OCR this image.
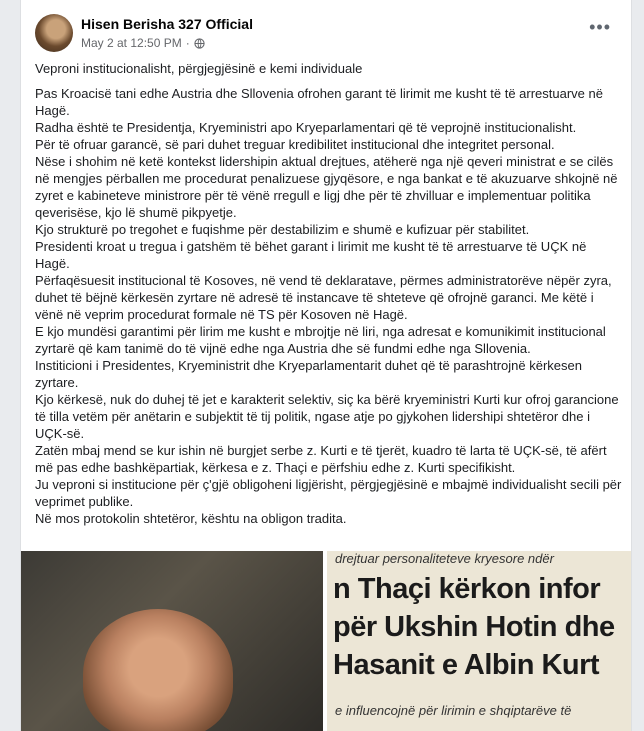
Hisen Berisha 327 Official
May 2 at 12:50 PM ·
•••

Veproni institucionalisht, përgjegjësinë e kemi individuale

Pas Kroacisë tani edhe Austria dhe Sllovenia ofrohen garant të lirimit me kusht të të arrestuarve në Hagë.

Radha është te Presidentja, Kryeministri apo Kryeparlamentari që të veprojnë institucionalisht.

Për të ofruar garancë, së pari duhet treguar kredibilitet institucional dhe integritet personal.

Nëse i shohim në ketë kontekst lidershipin aktual drejtues, atëherë nga një qeveri ministrat e se cilës në mengjes përballen me procedurat penalizuese gjyqësore, e nga bankat e të akuzuarve shkojnë në zyret e kabineteve ministrore për të vënë rregull e ligj dhe për të zhvilluar e implementuar politika qeverisëse, kjo lë shumë pikpyetje.

Kjo strukturë po tregohet e fuqishme për destabilizim e shumë e kufizuar për stabilitet.

Presidenti kroat u tregua i gatshëm të bëhet garant i lirimit me kusht të të arrestuarve të UÇK në Hagë.

Përfaqësuesit institucional të Kosoves, në vend të deklaratave, përmes administratorëve nëpër zyra, duhet të bëjnë kërkesën zyrtare në adresë të instancave të shteteve që ofrojnë garanci. Me këtë i vënë në veprim procedurat formale në TS për Kosoven në Hagë.

E kjo mundësi garantimi për lirim me kusht e mbrojtje në liri, nga adresat e komunikimit institucional zyrtarë që kam tanimë do të vijnë edhe nga Austria dhe së fundmi edhe nga Sllovenia.

Institicioni i Presidentes, Kryeministrit dhe Kryeparlamentarit duhet që të parashtrojnë kërkesen zyrtare.

Kjo kërkesë, nuk do duhej të jet e karakterit selektiv, siç ka bërë kryeministri Kurti kur ofroj garancione të tilla vetëm për anëtarin e subjektit të tij politik, ngase atje po gjykohen lidershipi shtetëror dhe i UÇK-së.

Zatën mbaj mend se kur ishin në burgjet serbe z. Kurti e të tjerët, kuadro të larta të UÇK-së, të afërt më pas edhe bashkëpartiak, kërkesa e z. Thaçi e përfshiu edhe z. Kurti specifikisht.

Ju veproni si institucione për ç'gjë obligoheni ligjërisht, përgjegjësinë e mbajmë individualisht secili për veprimet publike.

Në mos protokolin shtetëror, kështu na obligon tradita.

drejtuar personaliteteve kryesore ndër
n Thaçi kërkon infor
për Ukshin Hotin dhe
Hasanit e Albin Kurt
e influencojnë për lirimin e shqiptarëve të
